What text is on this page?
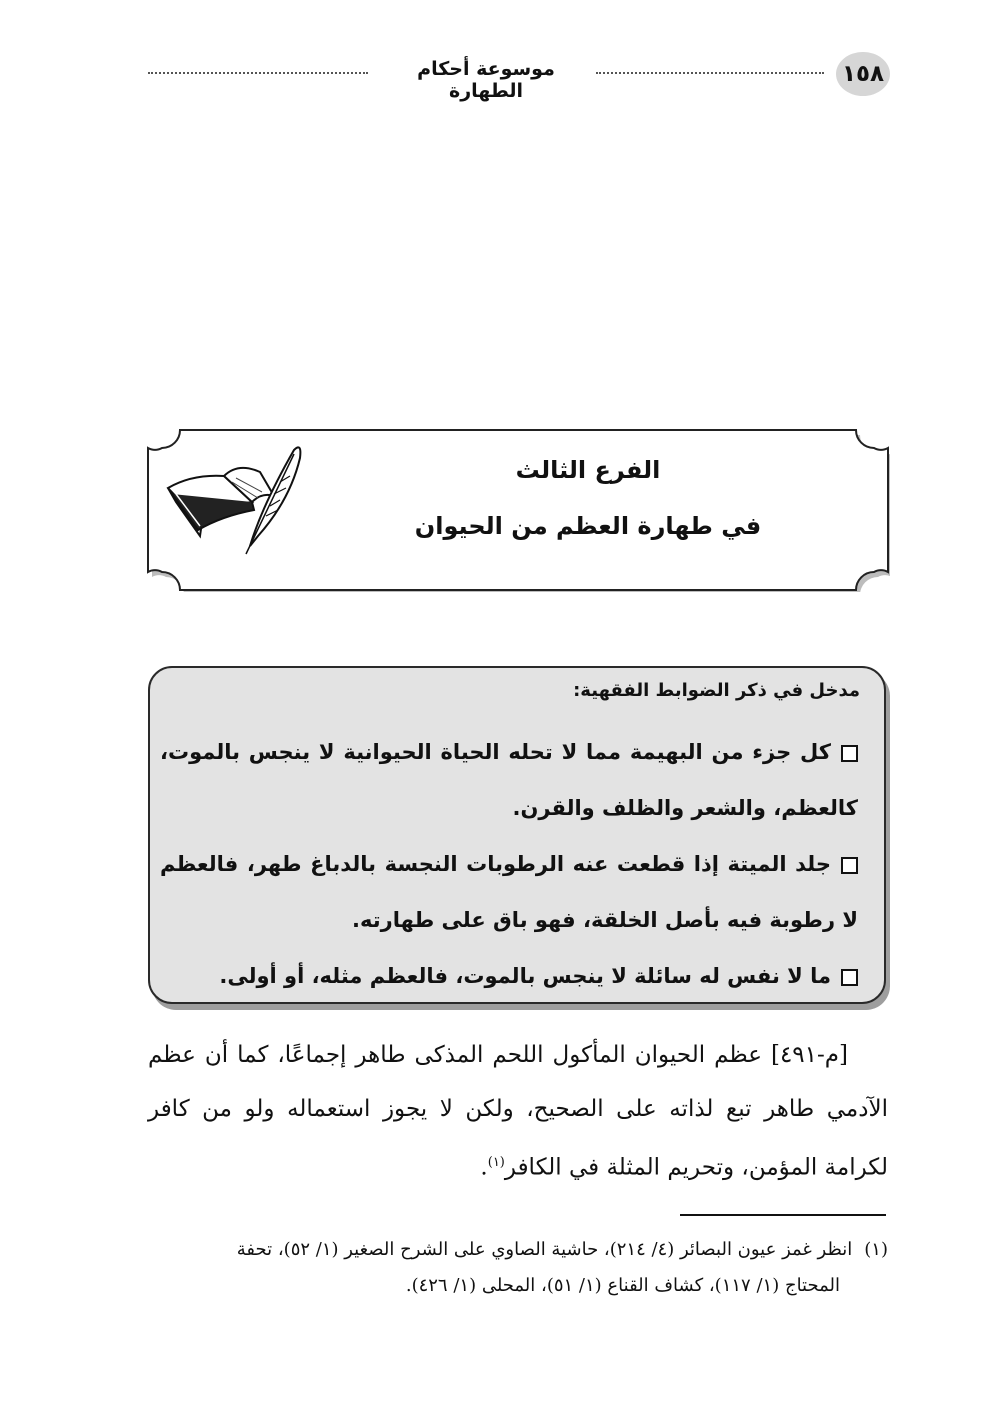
١٥٨
موسوعة أحكام الطهارة
الفرع الثالث
في طهارة العظم من الحيوان
مدخل في ذكر الضوابط الفقهية:
كل جزء من البهيمة مما لا تحله الحياة الحيوانية لا ينجس بالموت، كالعظم، والشعر والظلف والقرن.
جلد الميتة إذا قطعت عنه الرطوبات النجسة بالدباغ طهر، فالعظم لا رطوبة فيه بأصل الخلقة، فهو باق على طهارته.
ما لا نفس له سائلة لا ينجس بالموت، فالعظم مثله، أو أولى.
[م-٤٩١] عظم الحيوان المأكول اللحم المذكى طاهر إجماعًا، كما أن عظم الآدمي طاهر تبع لذاته على الصحيح، ولكن لا يجوز استعماله ولو من كافر لكرامة المؤمن، وتحريم المثلة في الكافر$^{(١)}$.
(١)انظر غمز عيون البصائر (٤/ ٢١٤)، حاشية الصاوي على الشرح الصغير (١/ ٥٢)، تحفة
المحتاج (١/ ١١٧)، كشاف القناع (١/ ٥١)، المحلى (١/ ٤٢٦).
